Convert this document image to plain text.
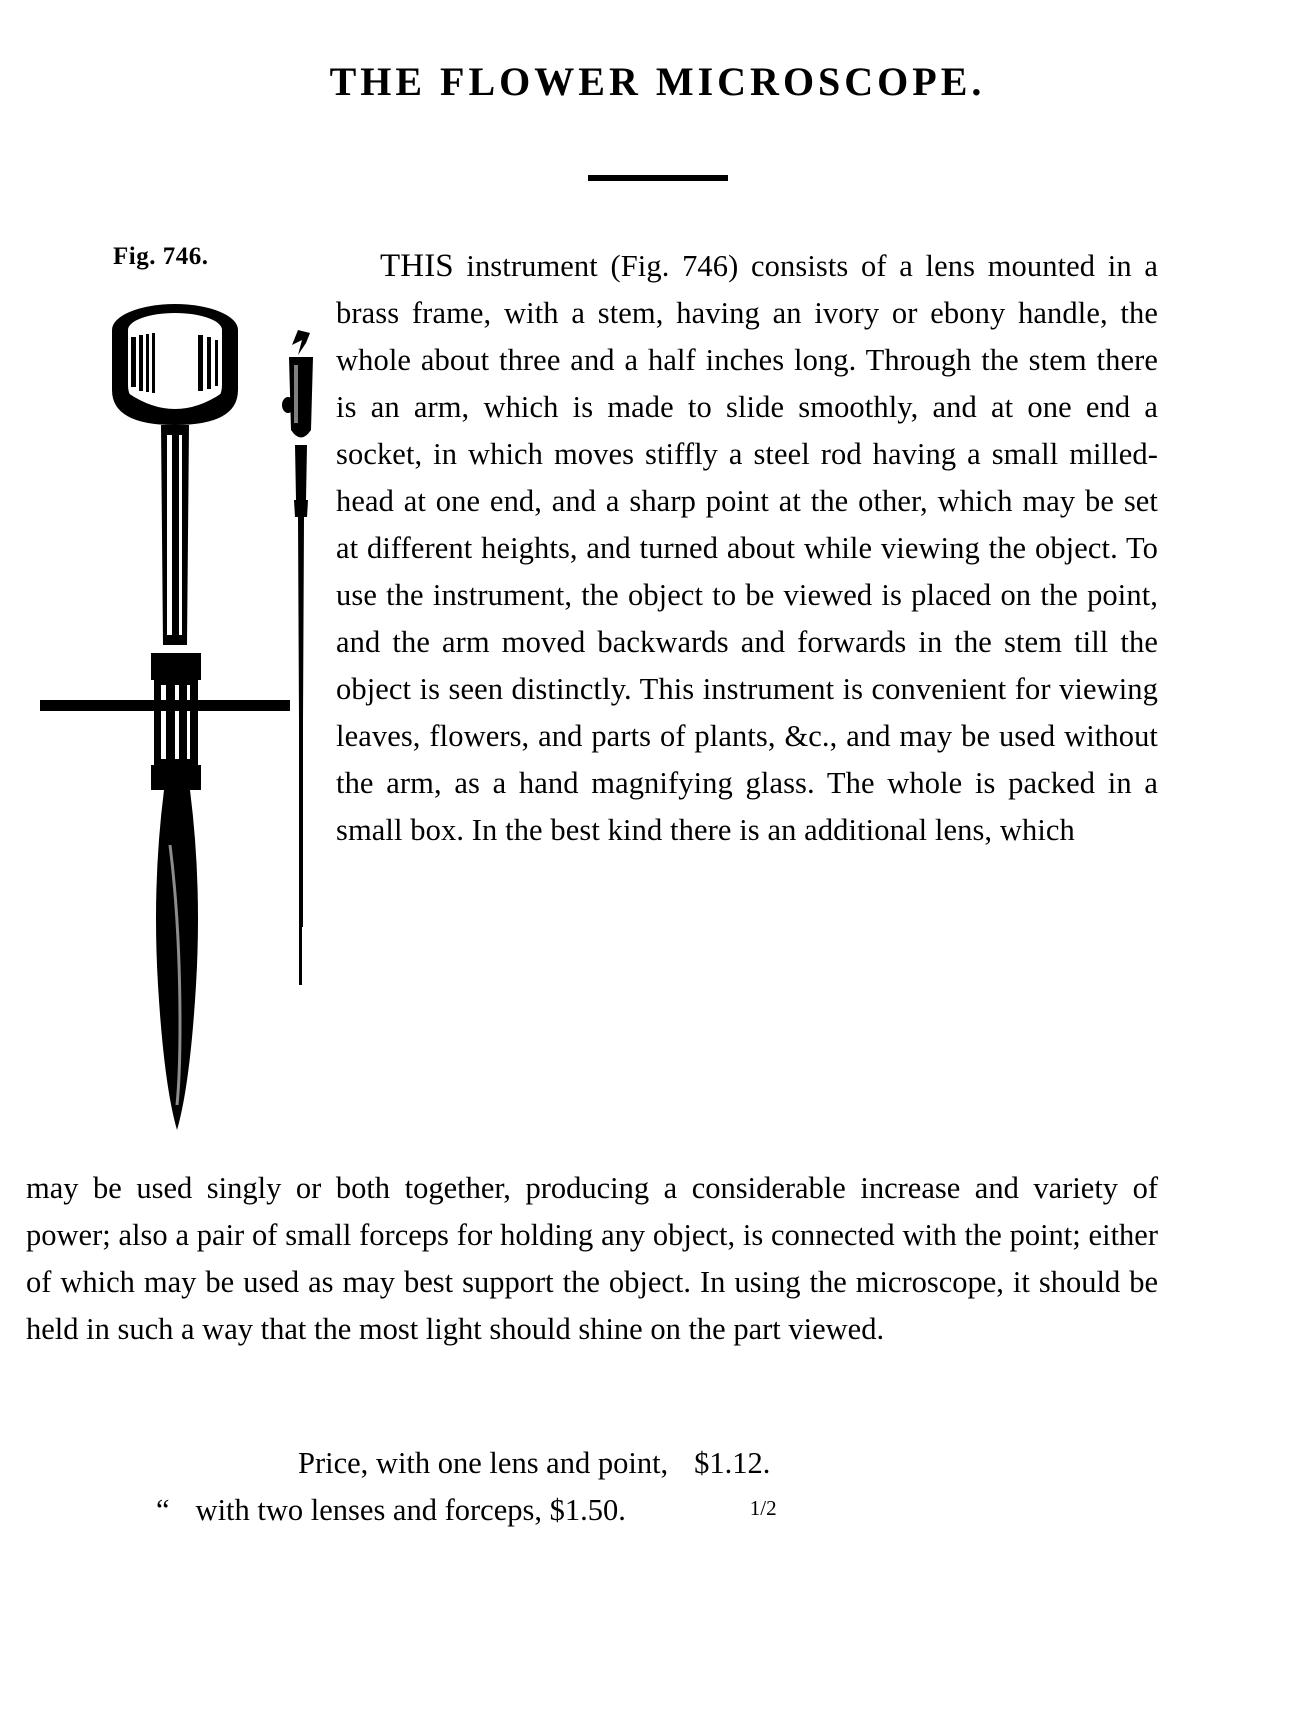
THE FLOWER MICROSCOPE.
Fig. 746.	THIS instrument (Fig. 746) consists of a lens mounted in a brass frame, with a stem, having an ivory or ebony handle, the whole about three and a half inches long. Through the stem there is an arm, which is made to slide smoothly, and at one end a socket, in which moves stiffly a steel rod having a small milled-head at one end, and a sharp point at the other, which may be set at different heights, and turned about while viewing the object. To use the instrument, the object to be viewed is placed on the point, and the arm moved backwards and forwards in the stem till the object is seen distinctly. This instrument is convenient for viewing leaves, flowers, and parts of plants, &c., and may be used without the arm, as a hand magnifying glass. The whole is packed in a small box. In the best kind there is an additional lens, which
may be used singly or both together, producing a considerable increase and variety of power; also a pair of small forceps for holding any object, is connected with the point; either of which may be used as may best support the object. In using the microscope, it should be held in such a way that the most light should shine on the part viewed.
Price, with one lens and point, $1.12
1/2
.
“ with two lenses and forceps, $1.50.
